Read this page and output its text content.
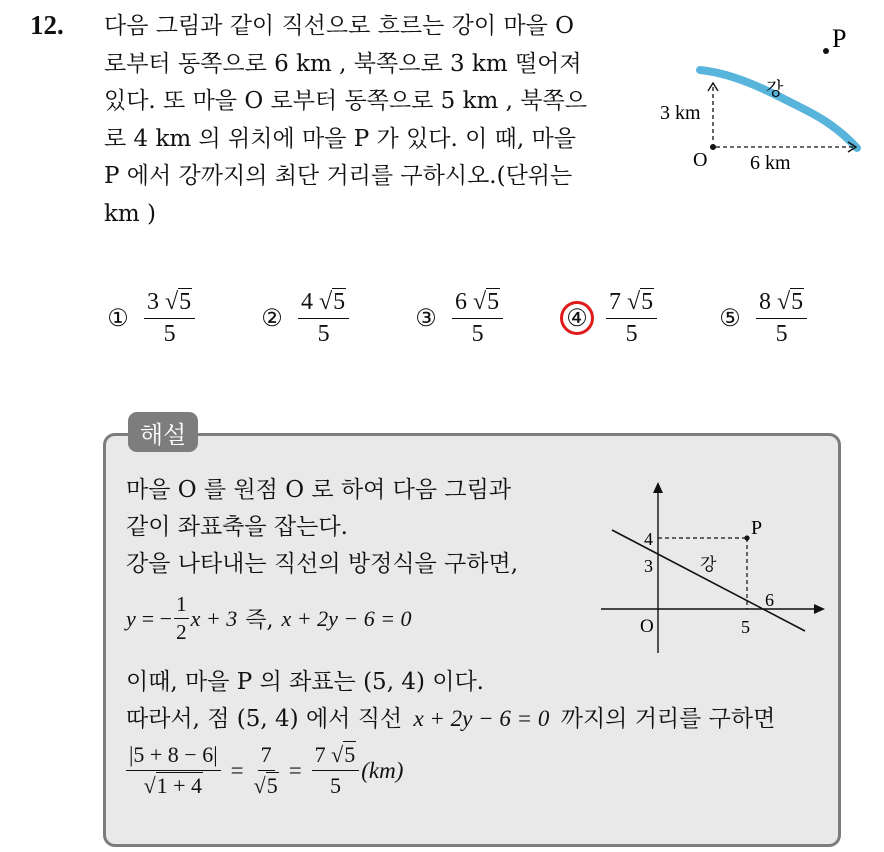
12. 다음 그림과 같이 직선으로 흐르는 강이 마을 O
로부터 동쪽으로 6 km , 북쪽으로 3 km 떨어져
있다. 또 마을 O 로부터 동쪽으로 5 km , 북쪽으
로 4 km 의 위치에 마을 P 가 있다. 이 때, 마을
P 에서 강까지의 최단 거리를 구하시오.(단위는
km )
P
강
3 km
O 6 km
① $\frac{3 √5}{5}$	② $\frac{4 √5}{5}$	③ $\frac{6 √5}{5}$	④ $\frac{7 √5}{5}$	⑤ $\frac{8 √5}{5}$
해설
마을 O 를 원점 O 로 하여 다음 그림과
같이 좌표축을 잡는다.
강을 나타내는 직선의 방정식을 구하면,
y = − $\frac{1}{2}$ x + 3 즉, x + 2y − 6 = 0
이때, 마을 P 의 좌표는 (5, 4) 이다.
따라서, 점 (5, 4) 에서 직선 x + 2y − 6 = 0 까지의 거리를 구하면
$\frac{|5 + 8 - 6|}{√1 + 4} = \frac{7}{√5} = \frac{7 √5}{5} (km)$
P
강
4
3
O	5
6
